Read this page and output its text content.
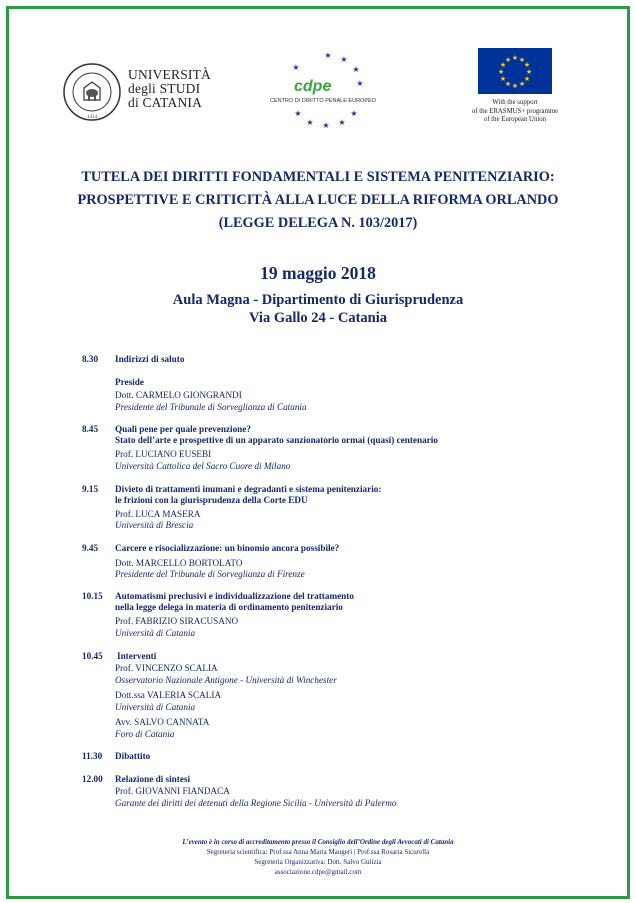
1434
UNIVERSITÀ
degli STUDI
di CATANIA
★ ★
★
★
★
★
★
★
★
★
cdpe
CENTRO DI DIRITTO PENALE EUROPEO
★ ★
★
★
★
★
★
★
★
★
★
★
With the support
of the ERASMUS+ programme
of the European Union
TUTELA DEI DIRITTI FONDAMENTALI E SISTEMA PENITENZIARIO:
PROSPETTIVE E CRITICITÀ ALLA LUCE DELLA RIFORMA ORLANDO
(LEGGE DELEGA N. 103/2017)
19 maggio 2018
Aula Magna - Dipartimento di Giurisprudenza
Via Gallo 24 - Catania
8.30 Indirizzi di saluto
Preside
Dott. CARMELO GIONGRANDI
Presidente del Tribunale di Sorveglianza di Catania
8.45 Quali pene per quale prevenzione?
Stato dell’arte e prospettive di un apparato sanzionatorio ormai (quasi) centenario
Prof. LUCIANO EUSEBI
Università Cattolica del Sacro Cuore di Milano
9.15 Divieto di trattamenti inumani e degradanti e sistema penitenziario:
le frizioni con la giurisprudenza della Corte EDU
Prof. LUCA MASERA
Università di Brescia
9.45 Carcere e risocializzazione: un binomio ancora possibile?
Dott. MARCELLO BORTOLATO
Presidente del Tribunale di Sorveglianza di Firenze
10.15 Automatismi preclusivi e individualizzazione del trattamento
nella legge delega in materia di ordinamento penitenziario
Prof. FABRIZIO SIRACUSANO
Università di Catania
10.45 Interventi
Prof. VINCENZO SCALIA
Osservatorio Nazionale Antigone - Università di Winchester
Dott.ssa VALERIA SCALIA
Università di Catania
Avv. SALVO CANNATA
Foro di Catania
11.30 Dibattito
12.00 Relazione di sintesi
Prof. GIOVANNI FIANDACA
Garante dei diritti dei detenuti della Regione Sicilia - Università di Palermo
L’evento è in corso di accreditamento presso il Consiglio dell’Ordine degli Avvocati di Catania
Segreteria scientifica: Prof.ssa Anna Maria Maugeri | Prof.ssa Rosaria Sicurella
Segreteria Organizzativa: Dott. Salvo Gulizia
associazione.cdpe@gmail.com
